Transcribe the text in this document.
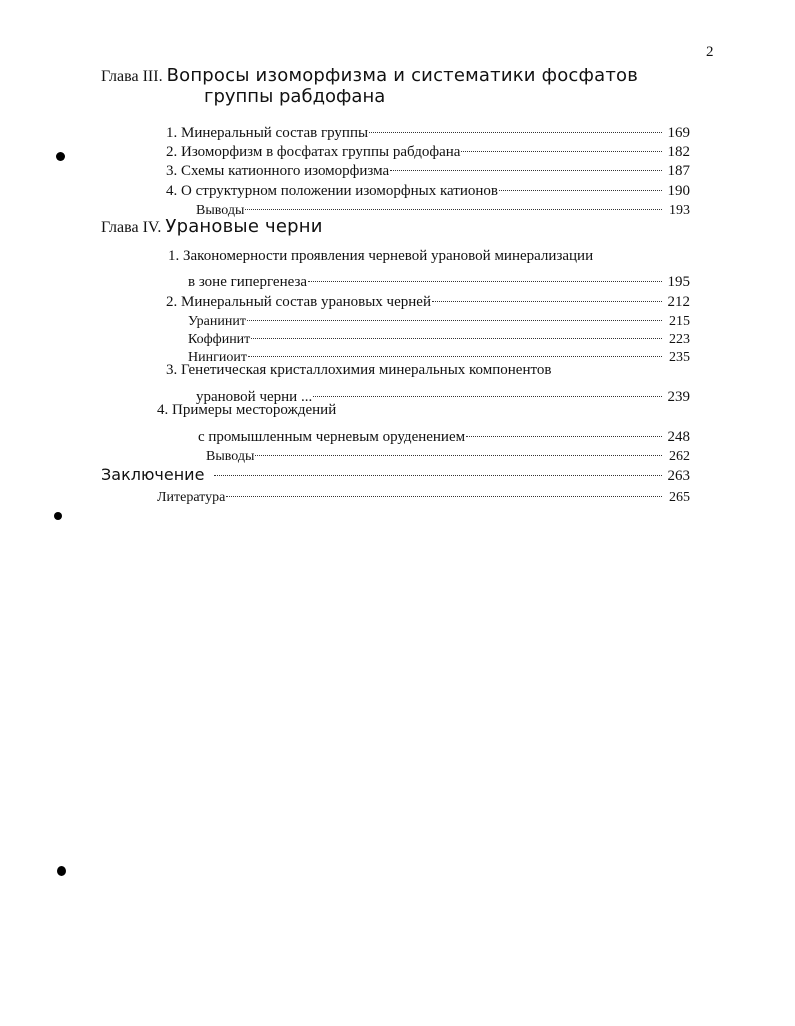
2
Глава III. Вопросы изоморфизма и систематики фосфатов
группы рабдофана
1. Минеральный состав группы	169
2. Изоморфизм в фосфатах группы рабдофана	182
3. Схемы катионного изоморфизма	187
4. О структурном положении изоморфных катионов	190
Выводы	193
Глава IV. Урановые черни
1. Закономерности проявления черневой урановой минерализации
в зоне гипергенеза	195
2. Минеральный состав урановых черней	212
Уранинит	215
Коффинит	223
Нингиоит	235
3. Генетическая кристаллохимия минеральных компонентов
урановой черни ...	239
4. Примеры месторождений
с промышленным черневым оруденением	248
Выводы	262
Заключение	263
Литература	265
